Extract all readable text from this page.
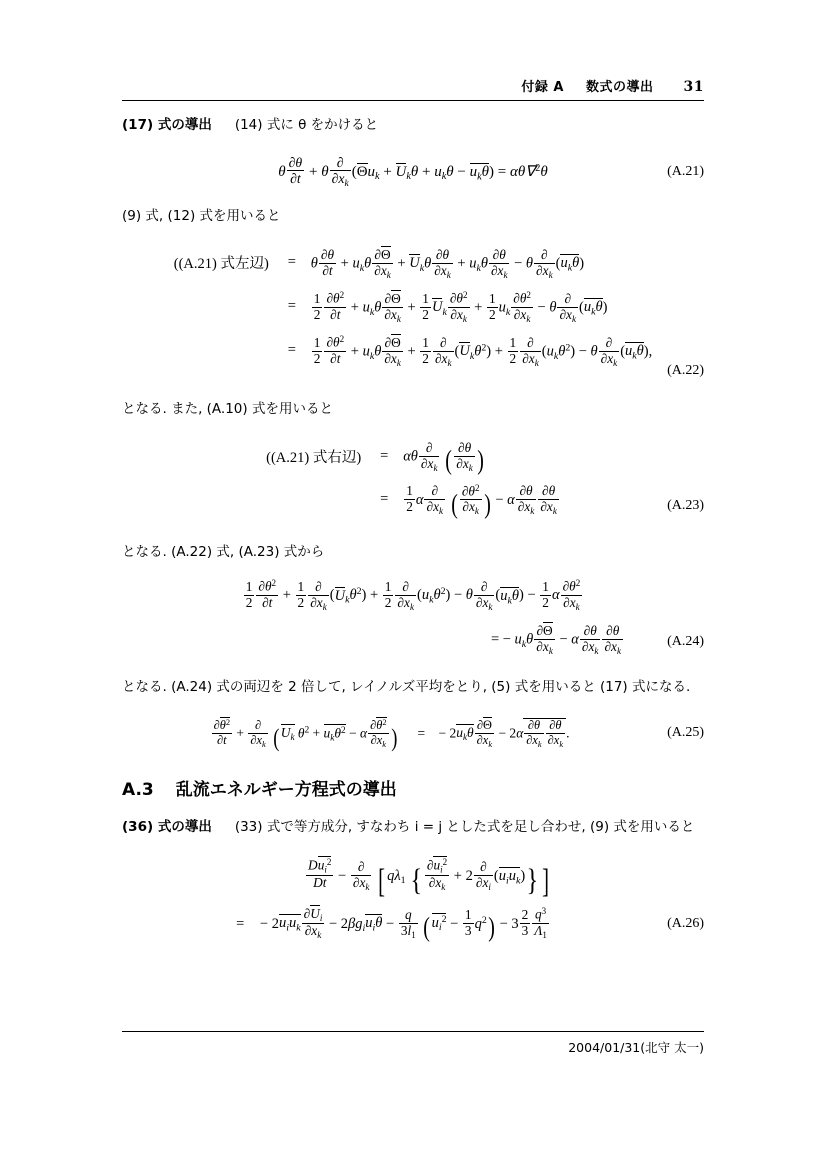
付録 A 数式の導出 31
(17) 式の導出 (14) 式に θ をかけると
θ $\frac{\partial\theta}{\partial t} + \theta \frac{\partial}{\partial x_k} (\Theta u_k + U_k\theta + u_k\theta - u_k\theta) = \alpha\theta\nabla^2\theta$	(A.21)
(9) 式, (12) 式を用いると
((A.21) 式左辺)	=	θ $\frac{\partial\theta}{\partial t} + u_k\theta \frac{\partial\Theta}{\partial x_k} + U_k\theta \frac{\partial\theta}{\partial x_k} + u_k\theta \frac{\partial\theta}{\partial x_k} - \theta \frac{\partial}{\partial x_k} (u_k\theta)$
	=	$\frac{1}{2} \frac{\partial\theta^2}{\partial t} + u_k\theta \frac{\partial\Theta}{\partial x_k} + \frac{1}{2} U_k \frac{\partial\theta^2}{\partial x_k} + \frac{1}{2} u_k \frac{\partial\theta^2}{\partial x_k} - \theta \frac{\partial}{\partial x_k} (u_k\theta)$
	=	$\frac{1}{2} \frac{\partial\theta^2}{\partial t} + u_k\theta \frac{\partial\Theta}{\partial x_k} + \frac{1}{2} \frac{\partial}{\partial x_k} (U_k\theta^2) + \frac{1}{2} \frac{\partial}{\partial x_k} (u_k\theta^2) - \theta \frac{\partial}{\partial x_k} (u_k\theta)$,
(A.22)
となる. また, (A.10) 式を用いると
((A.21) 式右辺)	=	αθ $\frac{\partial}{\partial x_k}$ ( $\frac{\partial\theta}{\partial x_k}$ )
	=	$\frac{1}{2}$ α $\frac{\partial}{\partial x_k}$ ( $\frac{\partial\theta^2}{\partial x_k}$ ) − α $\frac{\partial\theta}{\partial x_k} \frac{\partial\theta}{\partial x_k}$	(A.23)
となる. (A.22) 式, (A.23) 式から
$\frac{1}{2} \frac{\partial\theta^2}{\partial t} + \frac{1}{2} \frac{\partial}{\partial x_k} (U_k\theta^2) + \frac{1}{2} \frac{\partial}{\partial x_k} (u_k\theta^2) - \theta \frac{\partial}{\partial x_k} (u_k\theta) - \frac{1}{2}$ α $\frac{\partial\theta^2}{\partial x_k}$
= − $u_k\theta \frac{\partial\Theta}{\partial x_k} - \alpha \frac{\partial\theta}{\partial x_k} \frac{\partial\theta}{\partial x_k}$	(A.24)
となる. (A.24) 式の両辺を 2 倍して, レイノルズ平均をとり, (5) 式を用いると (17) 式になる.
$\frac{\partial\theta^2}{\partial t} + \frac{\partial}{\partial x_k} (U_k$ $\theta^2 + u_k\theta^2 - \alpha \frac{\partial\theta^2}{\partial x_k}$ ) = − $2u_k\theta \frac{\partial\Theta}{\partial x_k} - 2\alpha \frac{\partial\theta}{\partial x_k} \frac{\partial\theta}{\partial x_k}$ .	(A.25)
A.3 乱流エネルギー方程式の導出
(36) 式の導出 (33) 式で等方成分, すなわち i = j とした式を足し合わせ, (9) 式を用いると
$\frac{Du_i^2}{Dt} - \frac{\partial}{\partial x_k}$ [ $q\lambda_1$ { $\frac{\partial u_i^2}{\partial x_k} + 2 \frac{\partial}{\partial x_i} (u_iu_k)$} ]
= − $2u_iu_k \frac{\partial U_i}{\partial x_k} - 2\beta g_iu_i\theta - \frac{q}{3l_1} (u_i^2 - \frac{1}{3} q^2) - 3 \frac{2}{3} \frac{q^3}{\Lambda_1}$	(A.26)
2004/01/31(北守 太一)
